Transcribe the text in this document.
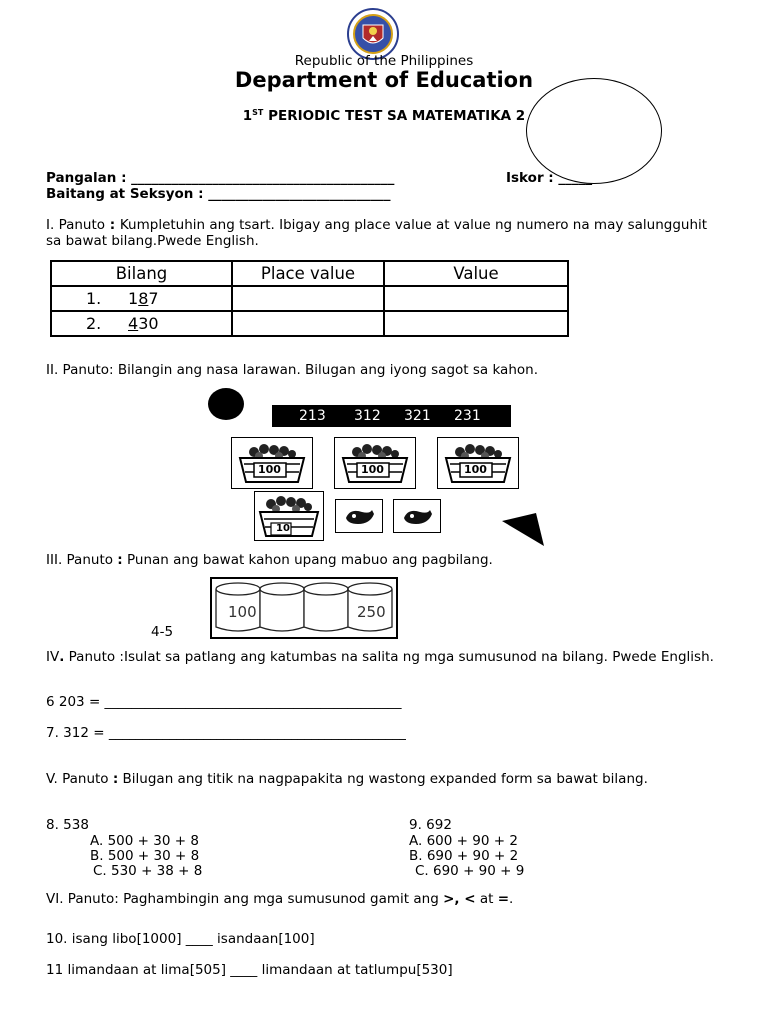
Republic of the Philippines
Department of Education
1ST PERIODIC TEST SA MATEMATIKA 2
Pangalan : _______________________________________	Iskor : _____
Baitang at Seksyon : ___________________________
I. Panuto : Kumpletuhin ang tsart. Ibigay ang place value at value ng numero na may salungguhit sa bawat bilang.Pwede English.
Bilang	Place value	Value
1. 187		
2. 430		
II. Panuto: Bilangin ang nasa larawan. Bilugan ang iyong sagot sa kahon.
213 312 321 231
100	100	100
10
III. Panuto : Punan ang bawat kahon upang mabuo ang pagbilang.
100	250
4-5
IV. Panuto :Isulat sa patlang ang katumbas na salita ng mga sumusunod na bilang. Pwede English.
6 203 = ____________________________________________
7. 312 = ____________________________________________
V. Panuto : Bilugan ang titik na nagpapakita ng wastong expanded form sa bawat bilang.
8. 538
A. 500 + 30 + 8
B. 500 + 30 + 8
C. 530 + 38 + 8
9. 692
A. 600 + 90 + 2
B. 690 + 90 + 2
C. 690 + 90 + 9
VI. Panuto: Paghambingin ang mga sumusunod gamit ang >, < at =.
10. isang libo[1000] ____ isandaan[100]
11 limandaan at lima[505] ____ limandaan at tatlumpu[530]
